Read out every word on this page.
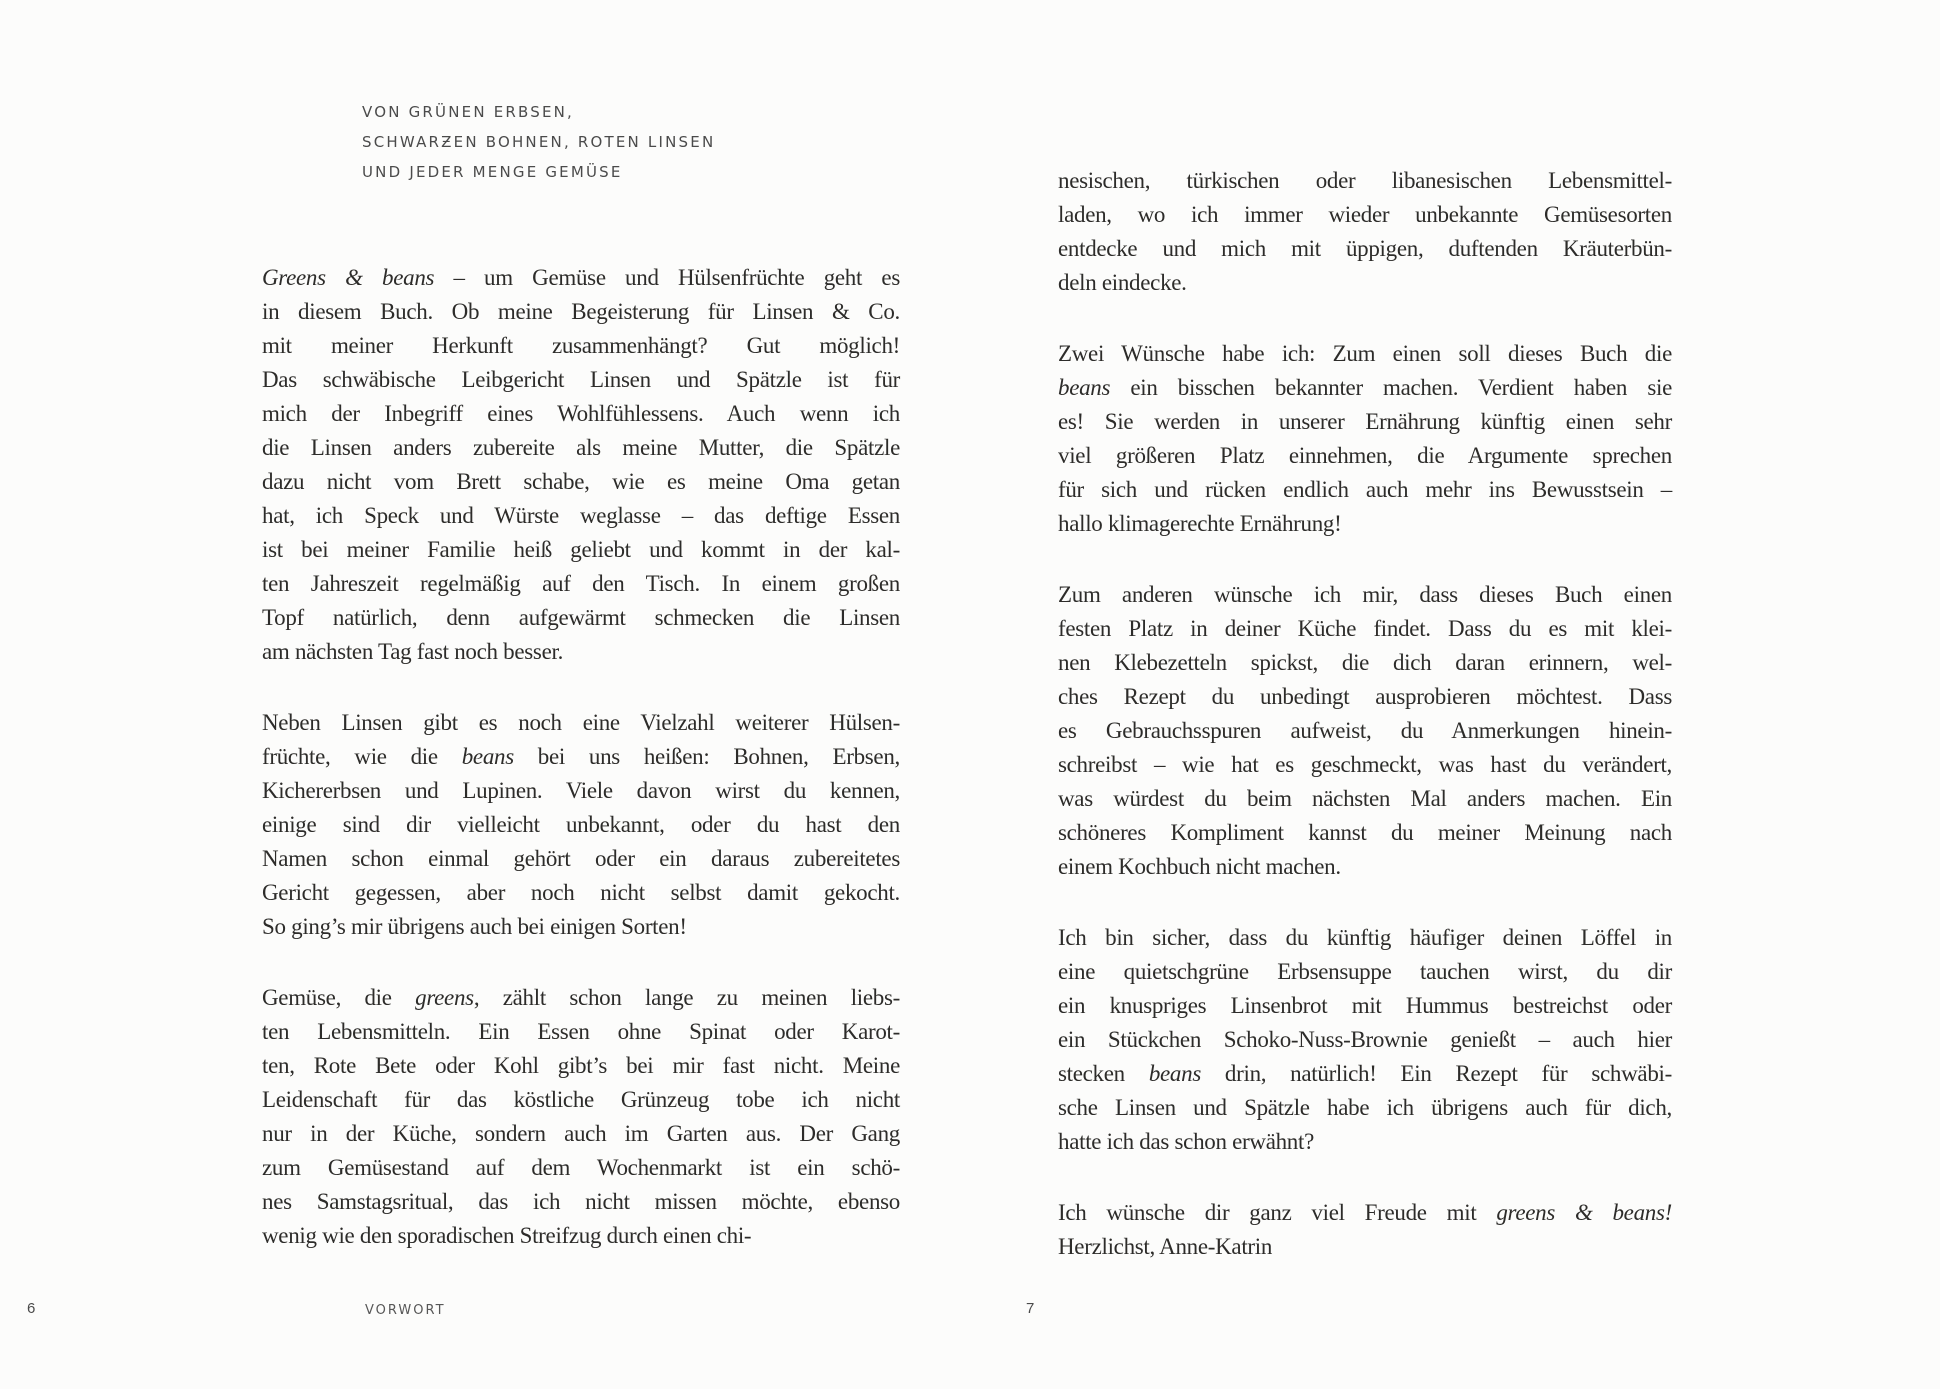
VON GRÜNEN ERBSEN,
SCHWARƵEN BOHNEN, ROTEN LINSEN
UND JEDER MENGE GEMÜSE
Greens & beans – um Gemüse und Hülsenfrüchte geht es
in diesem Buch. Ob meine Begeisterung für Linsen & Co.
mit meiner Herkunft zusammenhängt? Gut möglich!
Das schwäbische Leibgericht Linsen und Spätzle ist für
mich der Inbegriff eines Wohlfühlessens. Auch wenn ich
die Linsen anders zubereite als meine Mutter, die Spätzle
dazu nicht vom Brett schabe, wie es meine Oma getan
hat, ich Speck und Würste weglasse – das deftige Essen
ist bei meiner Familie heiß geliebt und kommt in der kal-
ten Jahreszeit regelmäßig auf den Tisch. In einem großen
Topf natürlich, denn aufgewärmt schmecken die Linsen
am nächsten Tag fast noch besser.
Neben Linsen gibt es noch eine Vielzahl weiterer Hülsen-
früchte, wie die beans bei uns heißen: Bohnen, Erbsen,
Kichererbsen und Lupinen. Viele davon wirst du kennen,
einige sind dir vielleicht unbekannt, oder du hast den
Namen schon einmal gehört oder ein daraus zubereitetes
Gericht gegessen, aber noch nicht selbst damit gekocht.
So ging’s mir übrigens auch bei einigen Sorten!
Gemüse, die greens, zählt schon lange zu meinen liebs-
ten Lebensmitteln. Ein Essen ohne Spinat oder Karot-
ten, Rote Bete oder Kohl gibt’s bei mir fast nicht. Meine
Leidenschaft für das köstliche Grünzeug tobe ich nicht
nur in der Küche, sondern auch im Garten aus. Der Gang
zum Gemüsestand auf dem Wochenmarkt ist ein schö-
nes Samstagsritual, das ich nicht missen möchte, ebenso
wenig wie den sporadischen Streifzug durch einen chi-
nesischen, türkischen oder libanesischen Lebensmittel-
laden, wo ich immer wieder unbekannte Gemüsesorten
entdecke und mich mit üppigen, duftenden Kräuterbün-
deln eindecke.
Zwei Wünsche habe ich: Zum einen soll dieses Buch die
beans ein bisschen bekannter machen. Verdient haben sie
es! Sie werden in unserer Ernährung künftig einen sehr
viel größeren Platz einnehmen, die Argumente sprechen
für sich und rücken endlich auch mehr ins Bewusstsein –
hallo klimagerechte Ernährung!
Zum anderen wünsche ich mir, dass dieses Buch einen
festen Platz in deiner Küche findet. Dass du es mit klei-
nen Klebezetteln spickst, die dich daran erinnern, wel-
ches Rezept du unbedingt ausprobieren möchtest. Dass
es Gebrauchsspuren aufweist, du Anmerkungen hinein-
schreibst – wie hat es geschmeckt, was hast du verändert,
was würdest du beim nächsten Mal anders machen. Ein
schöneres Kompliment kannst du meiner Meinung nach
einem Kochbuch nicht machen.
Ich bin sicher, dass du künftig häufiger deinen Löffel in
eine quietschgrüne Erbsensuppe tauchen wirst, du dir
ein knuspriges Linsenbrot mit Hummus bestreichst oder
ein Stückchen Schoko-Nuss-Brownie genießt – auch hier
stecken beans drin, natürlich! Ein Rezept für schwäbi-
sche Linsen und Spätzle habe ich übrigens auch für dich,
hatte ich das schon erwähnt?
Ich wünsche dir ganz viel Freude mit greens & beans!
Herzlichst, Anne-Katrin
6	VORWORT	7
